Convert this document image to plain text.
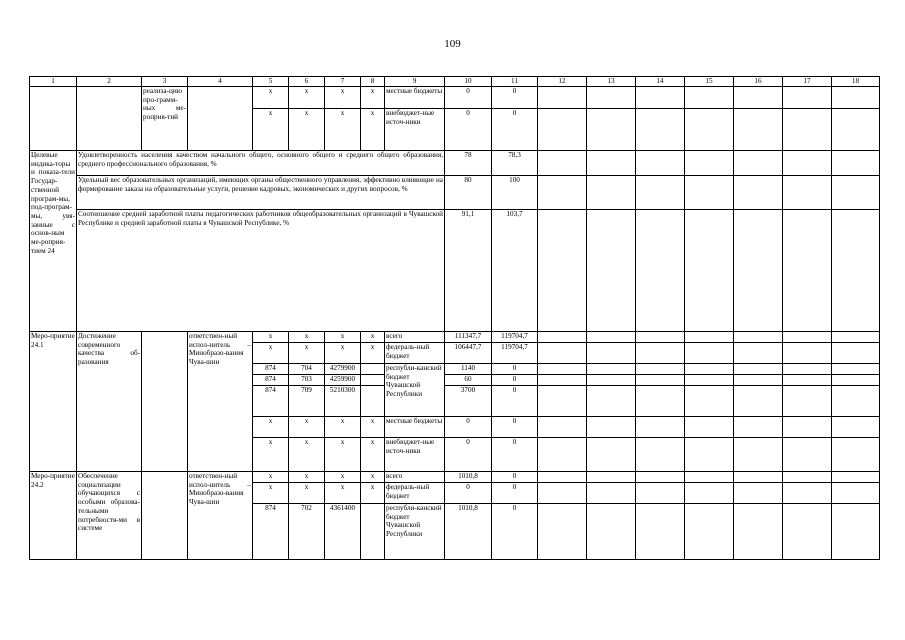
109
1	2	3	4	5	6	7	8	9	10	11	12	13	14	15	16	17	18
		реализа-цию про-грамм-ных ме-роприя-тий		x	x	x	x	местные бюджеты	0	0							
				x	x	x	x	внебюджет-ные источ-ники	0	0							
Целевые индика-торы и показа-тели Государ-ственной програм-мы, под-програм-мы, увя-занные с основ-ным ме-роприя-тием 24	Удовлетворенность населения качеством начального общего, основного общего и среднего общего образования, среднего профессионального образования, %								78	78,3							
	Удельный вес образовательных организаций, имеющих органы общественного управления, эффективно влияющие на формирование заказа на образовательные услуги, решение кадровых, экономических и других вопросов, %								80	100							
	Соотношение средней заработной платы педагогических работников общеобразовательных организаций в Чувашской Республике и средней заработной платы в Чувашской Республике, %								91,1	103,7							
Меро-приятие 24.1	Достижение современного качества об-разования		ответствен-ный испол-нитель – Минобразо-вания Чува-шии	x	x	x	x	всего	111347,7	119704,7							
				x	x	x	x	федераль-ный бюджет	106447,7	119704,7							
				874	704	4279900		республи-канский бюджет Чувашской Республики	1140	0							
				874	703	4259900			60	0							
				874	709	5210300			3700	0							
				x	x	x	x	местные бюджеты	0	0							
				x	x	x	x	внебюджет-ные источ-ники	0	0							
Меро-приятие 24.2	Обеспечение социализации обучающихся с особыми образова-тельными потребностя-ми в системе		ответствен-ный испол-нитель – Минобразо-вания Чува-шии	x	x	x	x	всего	1010,8	0							
				x	x	x	x	федераль-ный бюджет	0	0							
				874	702	4361400		республи-канский бюджет Чувашской Республики	1010,8	0							
